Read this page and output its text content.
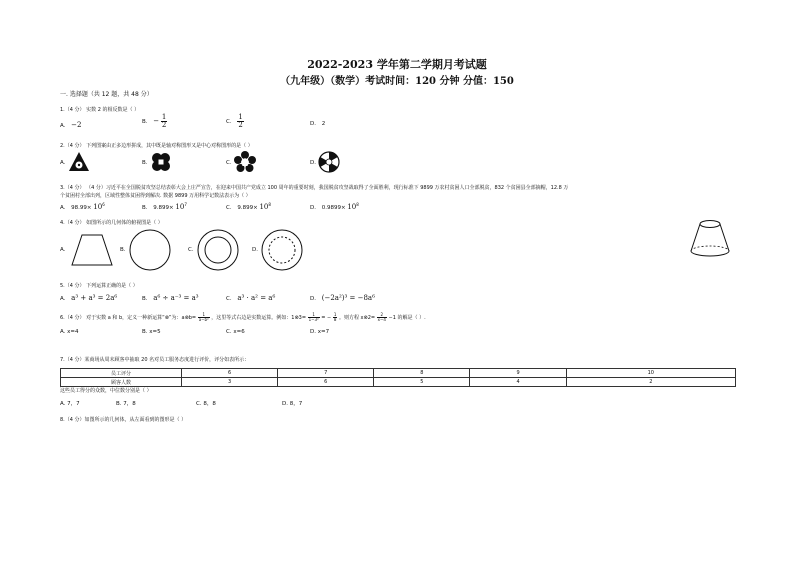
2022-2023 学年第二学期月考试题
（九年级）（数学）考试时间：120 分钟 分值：150
一. 选择题（共 12 题，共 48 分）
1.（4 分） 实数 2 的相反数是（ ）
A. −2	B. − $\frac{1}{2}$	C. $\frac{1}{2}$	D. 2
2.（4 分） 下列图案由正多边形拼成，其中既是轴对称图形又是中心对称图形的是（ ）
A.	B.	C.	D.
3.（4 分） （4 分）习近平在全国脱贫攻坚总结表彰大会上庄严宣告，在迎来中国共产党成立 100 周年的重要时刻，我国脱贫攻坚战取得了全面胜利，现行标准下 9899 万农村贫困人口全部脱贫，832 个贫困县全部摘帽，12.8 万
个贫困村全部出列，区域性整体贫困得到解决. 数据 9899 万用科学记数法表示为（ ）
A. $98.99\times 10^6$
B. $9.899\times 10^7$
C. $9.899\times 10^8$
D. $0.9899\times 10^8$
4.（4 分） 如图所示的几何体的俯视图是（ ）
A.	B.	C.	D.
5.（4 分） 下列运算正确的是（ ）
A. a³ + a³ = 2a⁶	B. a⁶ ÷ a⁻³ = a³	C. a³ · a² = a⁶	D. (−2a²)³ = −8a⁶
6.（4 分） 对于实数 a 和 b，定义一种新运算“⊗”为：a⊗b= $\frac{1}{\text{a−b²}}$ ，这里等式右边是实数运算。例如：1⊗3= $\frac{1}{\text{1−3²}}$ = − $\frac{1}{8}$ 。则方程 x⊗2= $\frac{2}{x-4} -1$ 的解是（ ）.
A. x=4	B. x=5	C. x=6	D. x=7
7.（4 分）某商场从周末顾客中抽取 20 名对员工服务态度进行评价，评分如表所示：
员工评分	6	7	8	9	10
顾客人数	3	6	5	4	2
这些员工得分的众数，中位数分别是（ ）
A. 7，7	B. 7，8	C. 8，8	D. 8，7
8.（4 分）如图所示的几何体，从左面看到的图形是（ ）
